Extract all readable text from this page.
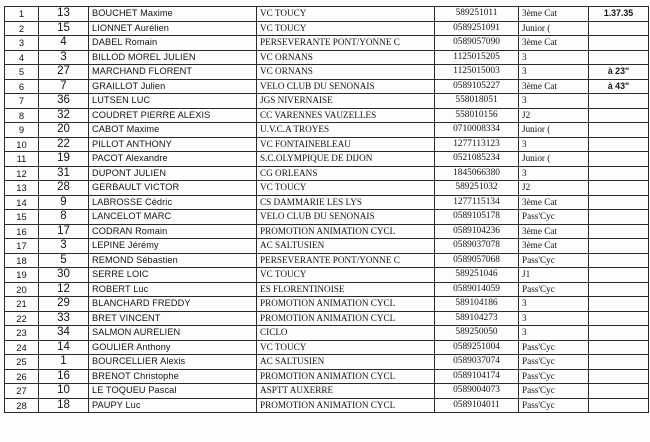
1	13	BOUCHET Maxime	VC TOUCY	589251011	3ème Cat	1.37.35
2	15	LIONNET Aurélien	VC TOUCY	0589251091	Junior (	
3	4	DABEL Romain	PERSEVERANTE PONT/YONNE C	0589057090	3ème Cat	
4	3	BILLOD MOREL JULIEN	VC ORNANS	1125015205	3	
5	27	MARCHAND FLORENT	VC ORNANS	1125015003	3	à 23"
6	7	GRAILLOT Julien	VELO CLUB DU SENONAIS	0589105227	3ème Cat	à 43"
7	36	LUTSEN LUC	JGS NIVERNAISE	558018051	3	
8	32	COUDRET PIERRE ALEXIS	CC VARENNES VAUZELLES	558010156	J2	
9	20	CABOT Maxime	U.V.C.A TROYES	0710008334	Junior (	
10	22	PILLOT ANTHONY	VC FONTAINEBLEAU	1277113123	3	
11	19	PACOT Alexandre	S.C.OLYMPIQUE DE DIJON	0521085234	Junior (	
12	31	DUPONT JULIEN	CG ORLEANS	1845066380	3	
13	28	GERBAULT VICTOR	VC TOUCY	589251032	J2	
14	9	LABROSSE Cédric	CS DAMMARIE LES LYS	1277115134	3ème Cat	
15	8	LANCELOT MARC	VELO CLUB DU SENONAIS	0589105178	Pass'Cyc	
16	17	CODRAN Romain	PROMOTION ANIMATION CYCL	0589104236	3ème Cat	
17	3	LEPINE Jérémy	AC SALTUSIEN	0589037078	3ème Cat	
18	5	REMOND Sébastien	PERSEVERANTE PONT/YONNE C	0589057068	Pass'Cyc	
19	30	SERRE LOIC	VC TOUCY	589251046	J1	
20	12	ROBERT Luc	ES FLORENTINOISE	0589014059	Pass'Cyc	
21	29	BLANCHARD FREDDY	PROMOTION ANIMATION CYCL	589104186	3	
22	33	BRET VINCENT	PROMOTION ANIMATION CYCL	589104273	3	
23	34	SALMON AURELIEN	CICLO	589250050	3	
24	14	GOULIER Anthony	VC TOUCY	0589251004	Pass'Cyc	
25	1	BOURCELLIER Alexis	AC SALTUSIEN	0589037074	Pass'Cyc	
26	16	BRENOT Christophe	PROMOTION ANIMATION CYCL	0589104174	Pass'Cyc	
27	10	LE TOQUEU Pascal	ASPTT AUXERRE	0589004073	Pass'Cyc	
28	18	PAUPY Luc	PROMOTION ANIMATION CYCL	0589104011	Pass'Cyc	
